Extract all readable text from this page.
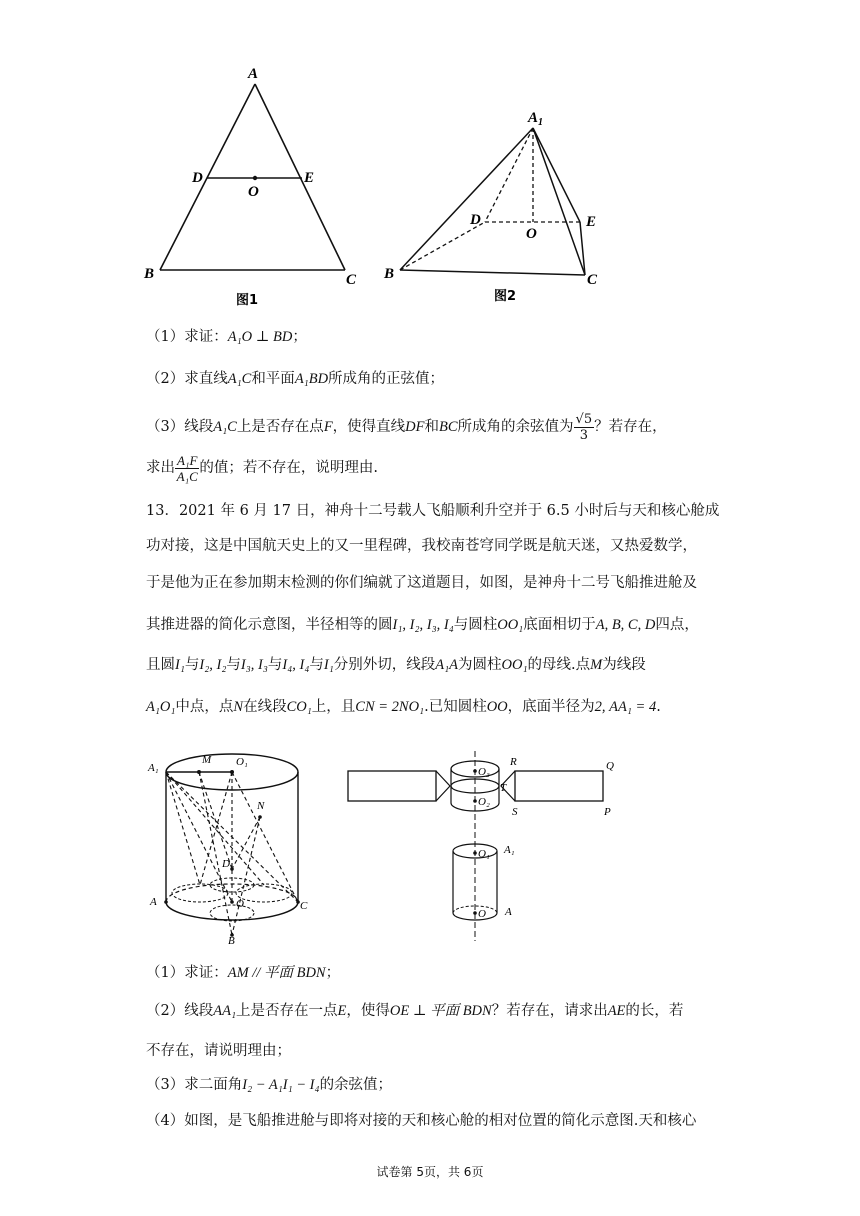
A
D	E
O
B	C
图1
$A_1$
D
O
E
B	C
图2
（1）求证：A₁O ⊥ BD；
（2）求直线A₁C和平面A₁BD所成角的正弦值；
（3）线段A₁C上是否存在点F，使得直线DF和BC所成角的余弦值为 $\frac{√5}{3}$ ？若存在，
求出 $\frac{\text{A₁F}}{\text{A₁C}}$ 的值；若不存在，说明理由.
13．2021 年 6 月 17 日，神舟十二号载人飞船顺利升空并于 6.5 小时后与天和核心舱成
功对接，这是中国航天史上的又一里程碑，我校南苍穹同学既是航天迷，又热爱数学，
于是他为正在参加期末检测的你们编就了这道题目，如图，是神舟十二号飞船推进舱及
其推进器的简化示意图，半径相等的圆I₁, I₂, I₃, I₄与圆柱OO₁底面相切于A, B, C, D四点，
且圆I₁与I₂, I₂与I₃, I₃与I₄, I₄与I₁分别外切，线段A₁A为圆柱OO₁的母线.点M为线段
A₁O₁中点，点N在线段CO₁上，且CN = 2NO₁.已知圆柱OO，底面半径为2, AA₁ = 4.
A₁
M O₁
N
D
A	C
O
B
O₃
O₂
R
T
S
Q
P
O₁ A₁
O A
（1）求证：AM // 平面 BDN；
（2）线段AA₁上是否存在一点E，使得OE ⊥ 平面 BDN？若存在，请求出AE的长，若
不存在，请说明理由；
（3）求二面角I₂ − A₁I₁ − I₄的余弦值；
（4）如图，是飞船推进舱与即将对接的天和核心舱的相对位置的简化示意图.天和核心
试卷第 5页，共 6页
